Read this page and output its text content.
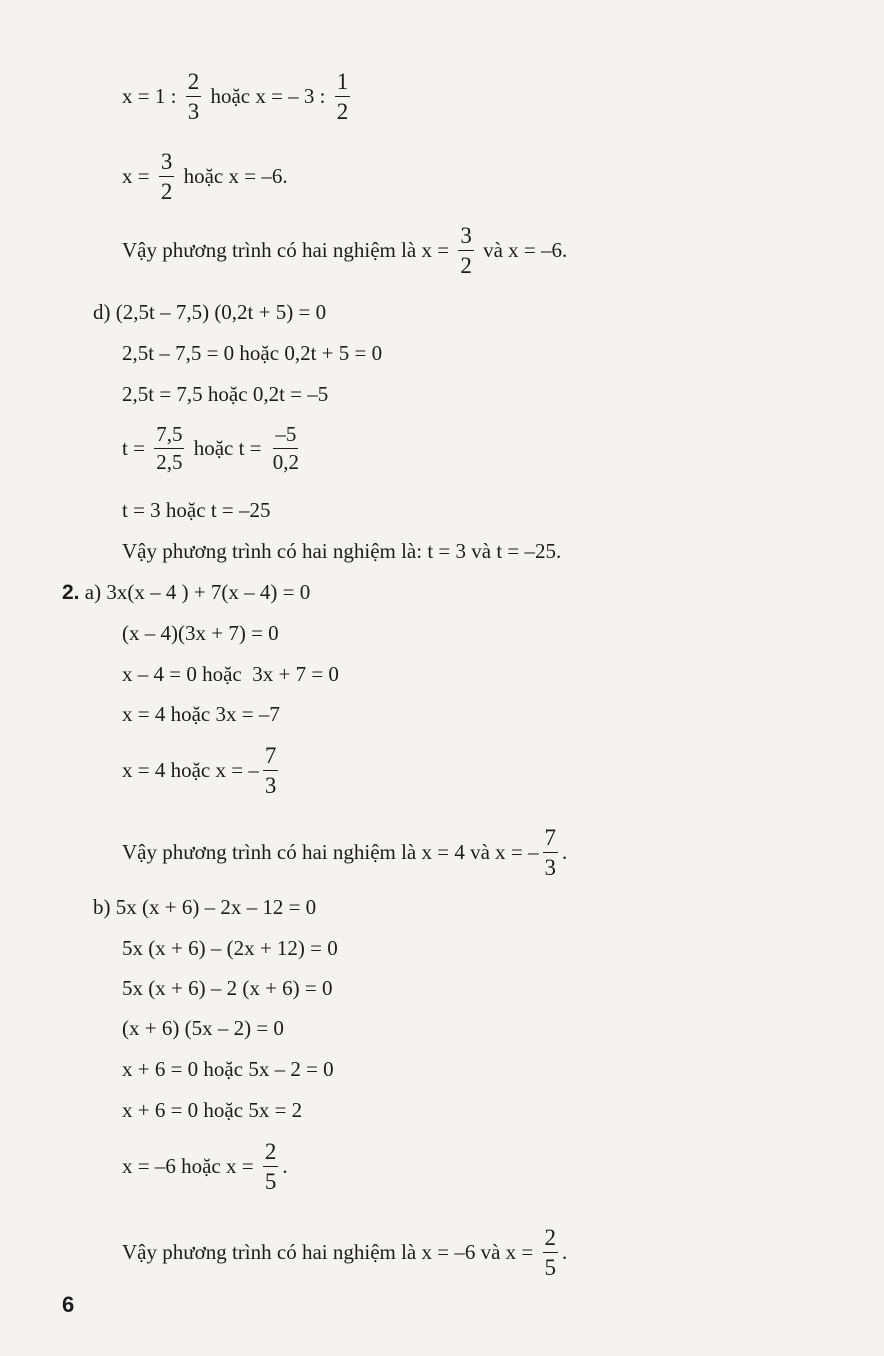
x = 1 : $\frac{2}{3}$ hoặc x = – 3 : $\frac{1}{2}$
$x = \frac{3}{2}$ hoặc x = –6.
Vậy phương trình có hai nghiệm là $x = \frac{3}{2}$ và x = –6.
d) (2,5t – 7,5) (0,2t + 5) = 0
2,5t – 7,5 = 0 hoặc 0,2t + 5 = 0
2,5t = 7,5 hoặc 0,2t = –5
$t = \frac{7,5}{2,5}$ hoặc $t = \frac{-5}{0,2}$
t = 3 hoặc t = –25
Vậy phương trình có hai nghiệm là: t = 3 và t = –25.
2. a) 3x(x – 4 ) + 7(x – 4) = 0
(x – 4)(3x + 7) = 0
x – 4 = 0 hoặc  3x + 7 = 0
x = 4 hoặc 3x = –7
x = 4 hoặc x = – $\frac{7}{3}$
Vậy phương trình có hai nghiệm là x = 4 và x = – $\frac{7}{3}$ .
b) 5x (x + 6) – 2x – 12 = 0
5x (x + 6) – (2x + 12) = 0
5x (x + 6) – 2 (x + 6) = 0
(x + 6) (5x – 2) = 0
x + 6 = 0 hoặc 5x – 2 = 0
x + 6 = 0 hoặc 5x = 2
x = –6 hoặc $x = \frac{2}{5}$ .
Vậy phương trình có hai nghiệm là x = –6 và $x = \frac{2}{5}$ .
6
